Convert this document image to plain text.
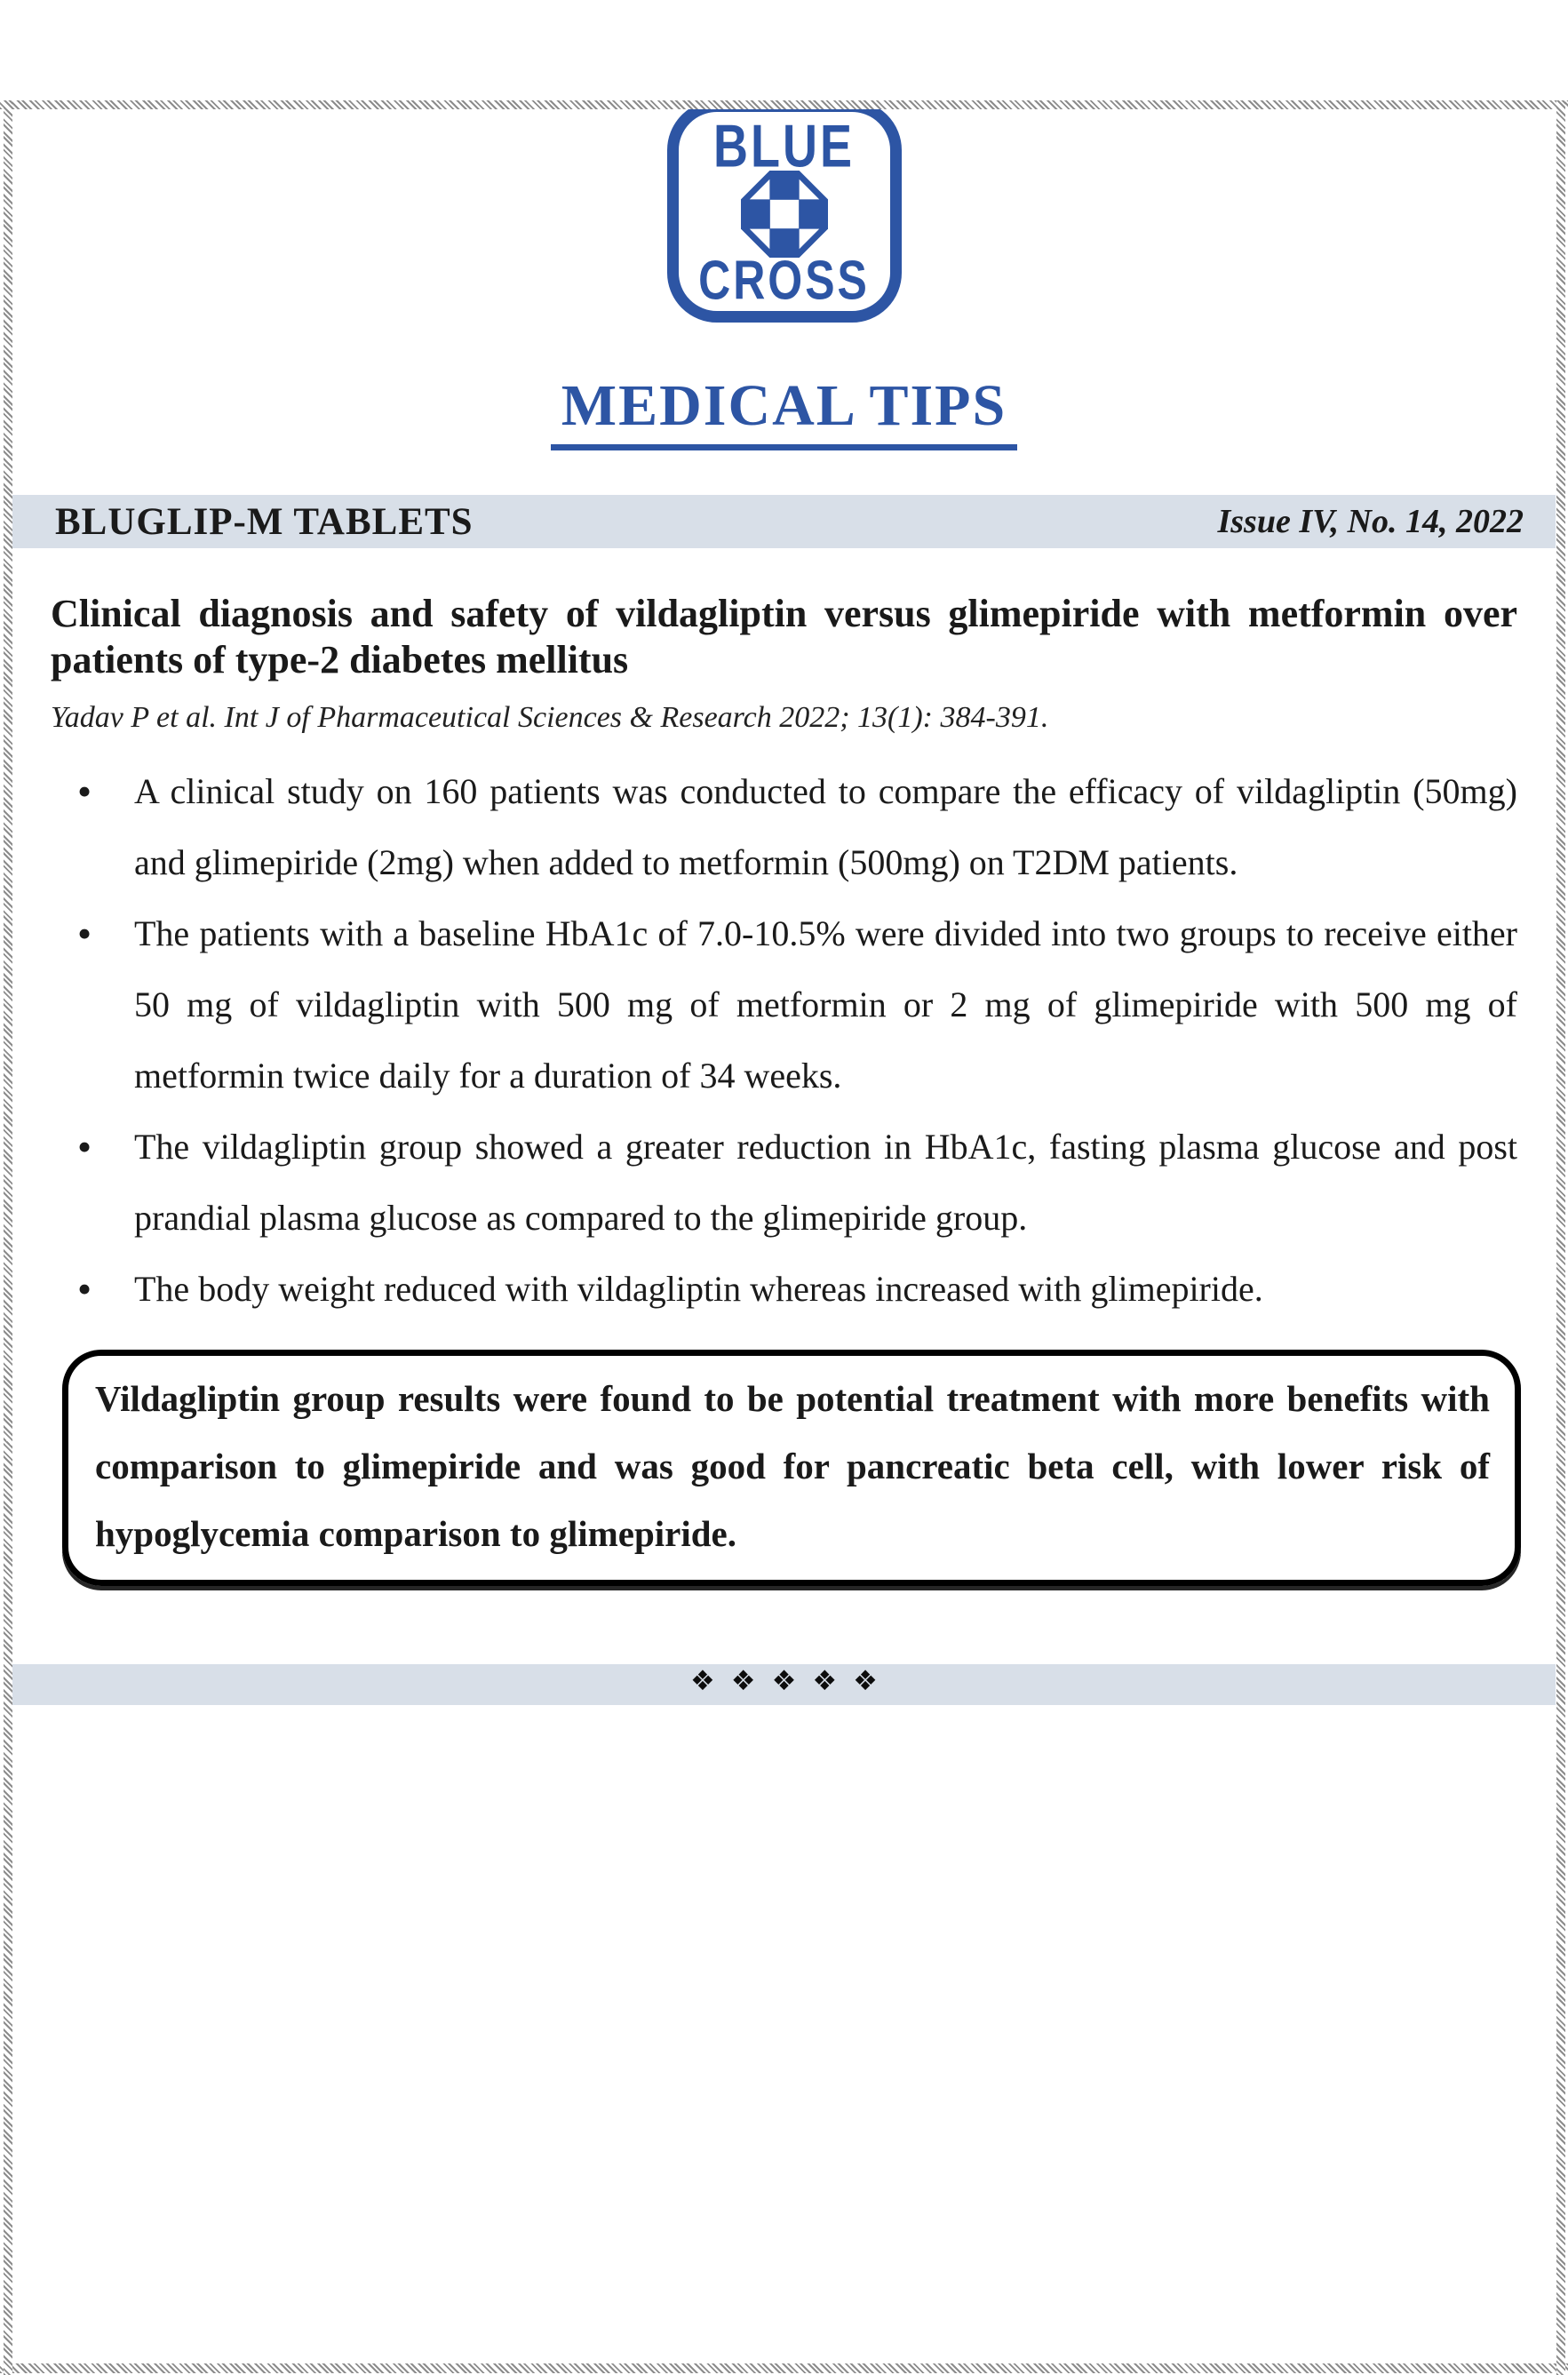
BLUE
CROSS
MEDICAL TIPS
BLUGLIP-M TABLETS	Issue IV, No. 14, 2022
Clinical diagnosis and safety of vildagliptin versus glimepiride with metformin over patients of type-2 diabetes mellitus
Yadav P et al. Int J of Pharmaceutical Sciences & Research 2022; 13(1): 384-391.
• A clinical study on 160 patients was conducted to compare the efficacy of vildagliptin (50mg) and glimepiride (2mg) when added to metformin (500mg) on T2DM patients.
• The patients with a baseline HbA1c of 7.0-10.5% were divided into two groups to receive either 50 mg of vildagliptin with 500 mg of metformin or 2 mg of glimepiride with 500 mg of metformin twice daily for a duration of 34 weeks.
• The vildagliptin group showed a greater reduction in HbA1c, fasting plasma glucose and post prandial plasma glucose as compared to the glimepiride group.
• The body weight reduced with vildagliptin whereas increased with glimepiride.
Vildagliptin group results were found to be potential treatment with more benefits with comparison to glimepiride and was good for pancreatic beta cell, with lower risk of hypoglycemia comparison to glimepiride.
❖❖❖❖❖
